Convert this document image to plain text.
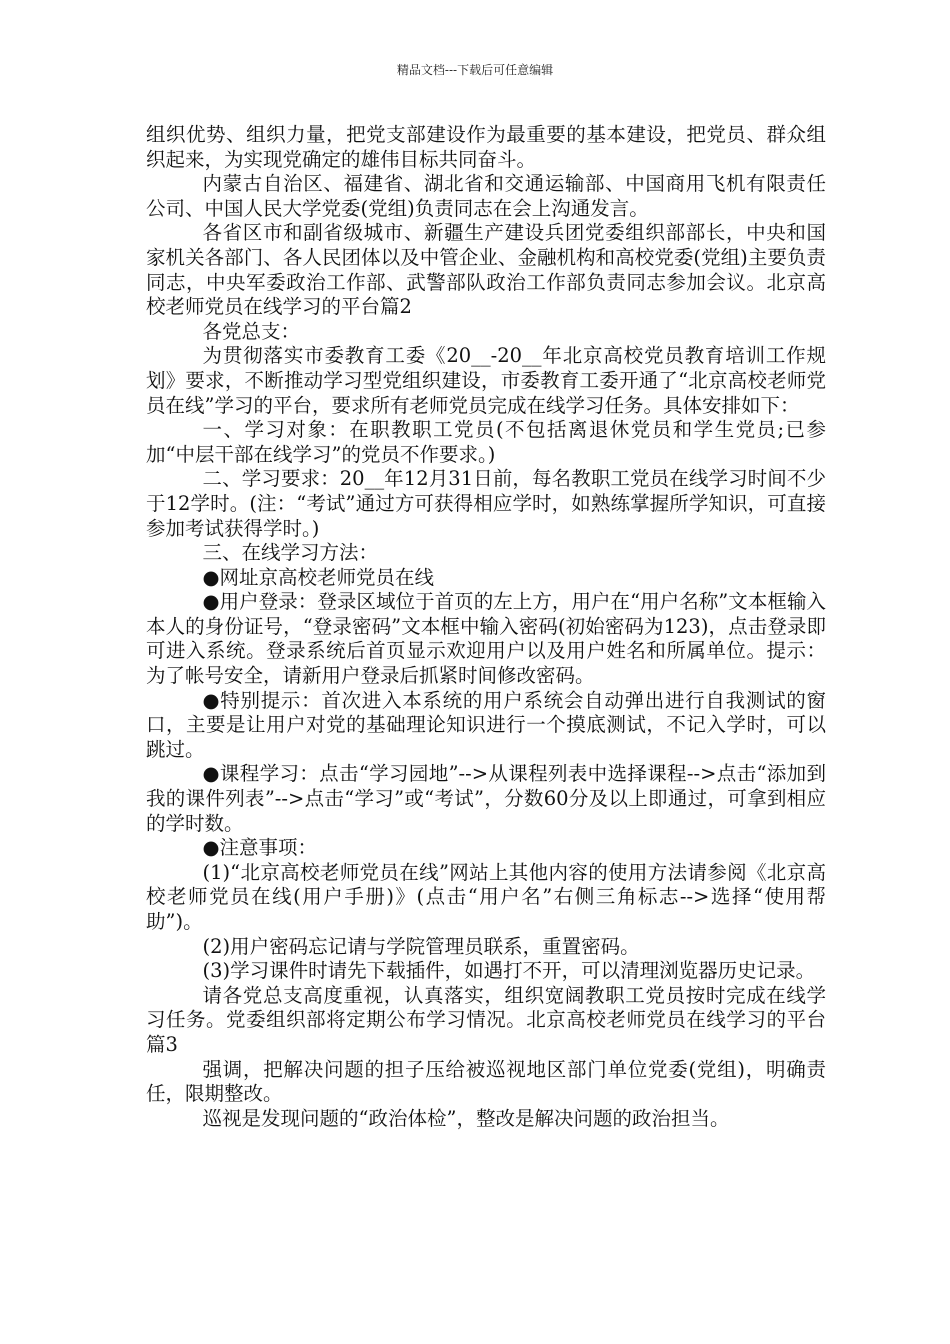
精品文档---下载后可任意编辑

组织优势、组织力量，把党支部建设作为最重要的基本建设，把党员、群众组织起来，为实现党确定的雄伟目标共同奋斗。

内蒙古自治区、福建省、湖北省和交通运输部、中国商用飞机有限责任公司、中国人民大学党委(党组)负责同志在会上沟通发言。

各省区市和副省级城市、新疆生产建设兵团党委组织部部长，中央和国家机关各部门、各人民团体以及中管企业、金融机构和高校党委(党组)主要负责同志，中央军委政治工作部、武警部队政治工作部负责同志参加会议。北京高校老师党员在线学习的平台篇2

各党总支：

为贯彻落实市委教育工委《20__-20__年北京高校党员教育培训工作规划》要求，不断推动学习型党组织建设，市委教育工委开通了“北京高校老师党员在线”学习的平台，要求所有老师党员完成在线学习任务。具体安排如下：

一、学习对象：在职教职工党员(不包括离退休党员和学生党员;已参加“中层干部在线学习”的党员不作要求。)

二、学习要求：20__年12月31日前，每名教职工党员在线学习时间不少于12学时。(注：“考试”通过方可获得相应学时，如熟练掌握所学知识，可直接参加考试获得学时。)

三、在线学习方法：

●网址京高校老师党员在线

●用户登录：登录区域位于首页的左上方，用户在“用户名称”文本框输入本人的身份证号，“登录密码”文本框中输入密码(初始密码为123)，点击登录即可进入系统。登录系统后首页显示欢迎用户以及用户姓名和所属单位。提示：为了帐号安全，请新用户登录后抓紧时间修改密码。

●特别提示：首次进入本系统的用户系统会自动弹出进行自我测试的窗口，主要是让用户对党的基础理论知识进行一个摸底测试，不记入学时，可以跳过。

●课程学习：点击“学习园地”-->从课程列表中选择课程-->点击“添加到我的课件列表”-->点击“学习”或“考试”，分数60分及以上即通过，可拿到相应的学时数。

●注意事项：

(1)“北京高校老师党员在线”网站上其他内容的使用方法请参阅《北京高校老师党员在线(用户手册)》(点击“用户名”右侧三角标志-->选择“使用帮助”)。

(2)用户密码忘记请与学院管理员联系，重置密码。

(3)学习课件时请先下载插件，如遇打不开，可以清理浏览器历史记录。

请各党总支高度重视，认真落实，组织宽阔教职工党员按时完成在线学习任务。党委组织部将定期公布学习情况。北京高校老师党员在线学习的平台篇3

强调，把解决问题的担子压给被巡视地区部门单位党委(党组)，明确责任，限期整改。

巡视是发现问题的“政治体检”，整改是解决问题的政治担当。
